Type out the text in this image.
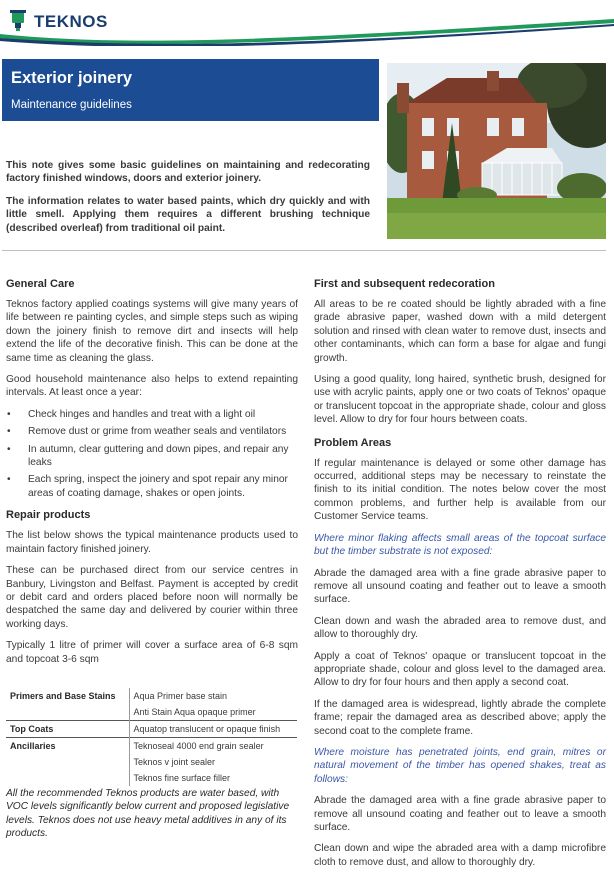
TEKNOS
Exterior joinery

Maintenance guidelines

This note gives some basic guidelines on maintaining and redecorating factory finished windows, doors and exterior joinery.

The information relates to water based paints, which dry quickly and with little smell. Applying them requires a different brushing technique (described overleaf) from traditional oil paint.

General Care

Teknos factory applied coatings systems will give many years of life between re painting cycles, and simple steps such as wiping down the joinery finish to remove dirt and insects will help extend the life of the decorative finish. This can be done at the same time as cleaning the glass.

Good household maintenance also helps to extend repainting intervals. At least once a year:

• Check hinges and handles and treat with a light oil
• Remove dust or grime from weather seals and ventilators
• In autumn, clear guttering and down pipes, and repair any leaks
• Each spring, inspect the joinery and spot repair any minor areas of coating damage, shakes or open joints.
Repair products

The list below shows the typical maintenance products used to maintain factory finished joinery.

These can be purchased direct from our service centres in Banbury, Livingston and Belfast. Payment is accepted by credit or debit card and orders placed before noon will normally be despatched the same day and delivered by courier within three working days.

Typically 1 litre of primer will cover a surface area of 6-8 sqm and topcoat 3-6 sqm

Primers and Base Stains	Aqua Primer base stain
	Anti Stain Aqua opaque primer
Top Coats	Aquatop translucent or opaque finish
Ancillaries	Teknoseal 4000 end grain sealer
	Teknos v joint sealer
	Teknos fine surface filler

All the recommended Teknos products are water based, with VOC levels significantly below current and proposed legislative levels. Teknos does not use heavy metal additives in any of its products.

First and subsequent redecoration

All areas to be re coated should be lightly abraded with a fine grade abrasive paper, washed down with a mild detergent solution and rinsed with clean water to remove dust, insects and other contaminants, which can form a base for algae and fungi growth.

Using a good quality, long haired, synthetic brush, designed for use with acrylic paints, apply one or two coats of Teknos' opaque or translucent topcoat in the appropriate shade, colour and gloss level. Allow to dry for four hours between coats.

Problem Areas

If regular maintenance is delayed or some other damage has occurred, additional steps may be necessary to reinstate the finish to its initial condition. The notes below cover the most common problems, and further help is available from our Customer Service teams.

Where minor flaking affects small areas of the topcoat surface but the timber substrate is not exposed:

Abrade the damaged area with a fine grade abrasive paper to remove all unsound coating and feather out to leave a smooth surface.

Clean down and wash the abraded area to remove dust, and allow to thoroughly dry.

Apply a coat of Teknos' opaque or translucent topcoat in the appropriate shade, colour and gloss level to the damaged area. Allow to dry for four hours and then apply a second coat.

If the damaged area is widespread, lightly abrade the complete frame; repair the damaged area as described above; apply the second coat to the complete frame.

Where moisture has penetrated joints, end grain, mitres or natural movement of the timber has opened shakes, treat as follows:

Abrade the damaged area with a fine grade abrasive paper to remove all unsound coating and feather out to leave a smooth surface.

Clean down and wipe the abraded area with a damp microfibre cloth to remove dust, and allow to thoroughly dry.
